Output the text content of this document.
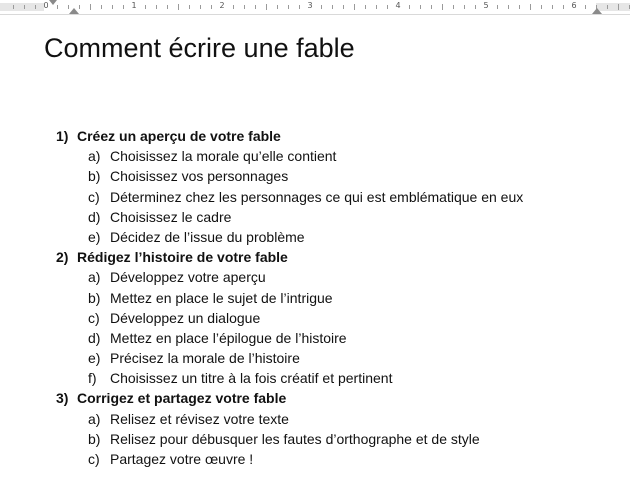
0	1	2	3	4	5	6
Comment écrire une fable
1) Créez un aperçu de votre fable
a) Choisissez la morale qu’elle contient
b) Choisissez vos personnages
c) Déterminez chez les personnages ce qui est emblématique en eux
d) Choisissez le cadre
e) Décidez de l’issue du problème
2) Rédigez l’histoire de votre fable
a) Développez votre aperçu
b) Mettez en place le sujet de l’intrigue
c) Développez un dialogue
d) Mettez en place l’épilogue de l’histoire
e) Précisez la morale de l’histoire
f) Choisissez un titre à la fois créatif et pertinent
3) Corrigez et partagez votre fable
a) Relisez et révisez votre texte
b) Relisez pour débusquer les fautes d’orthographe et de style
c) Partagez votre œuvre !
